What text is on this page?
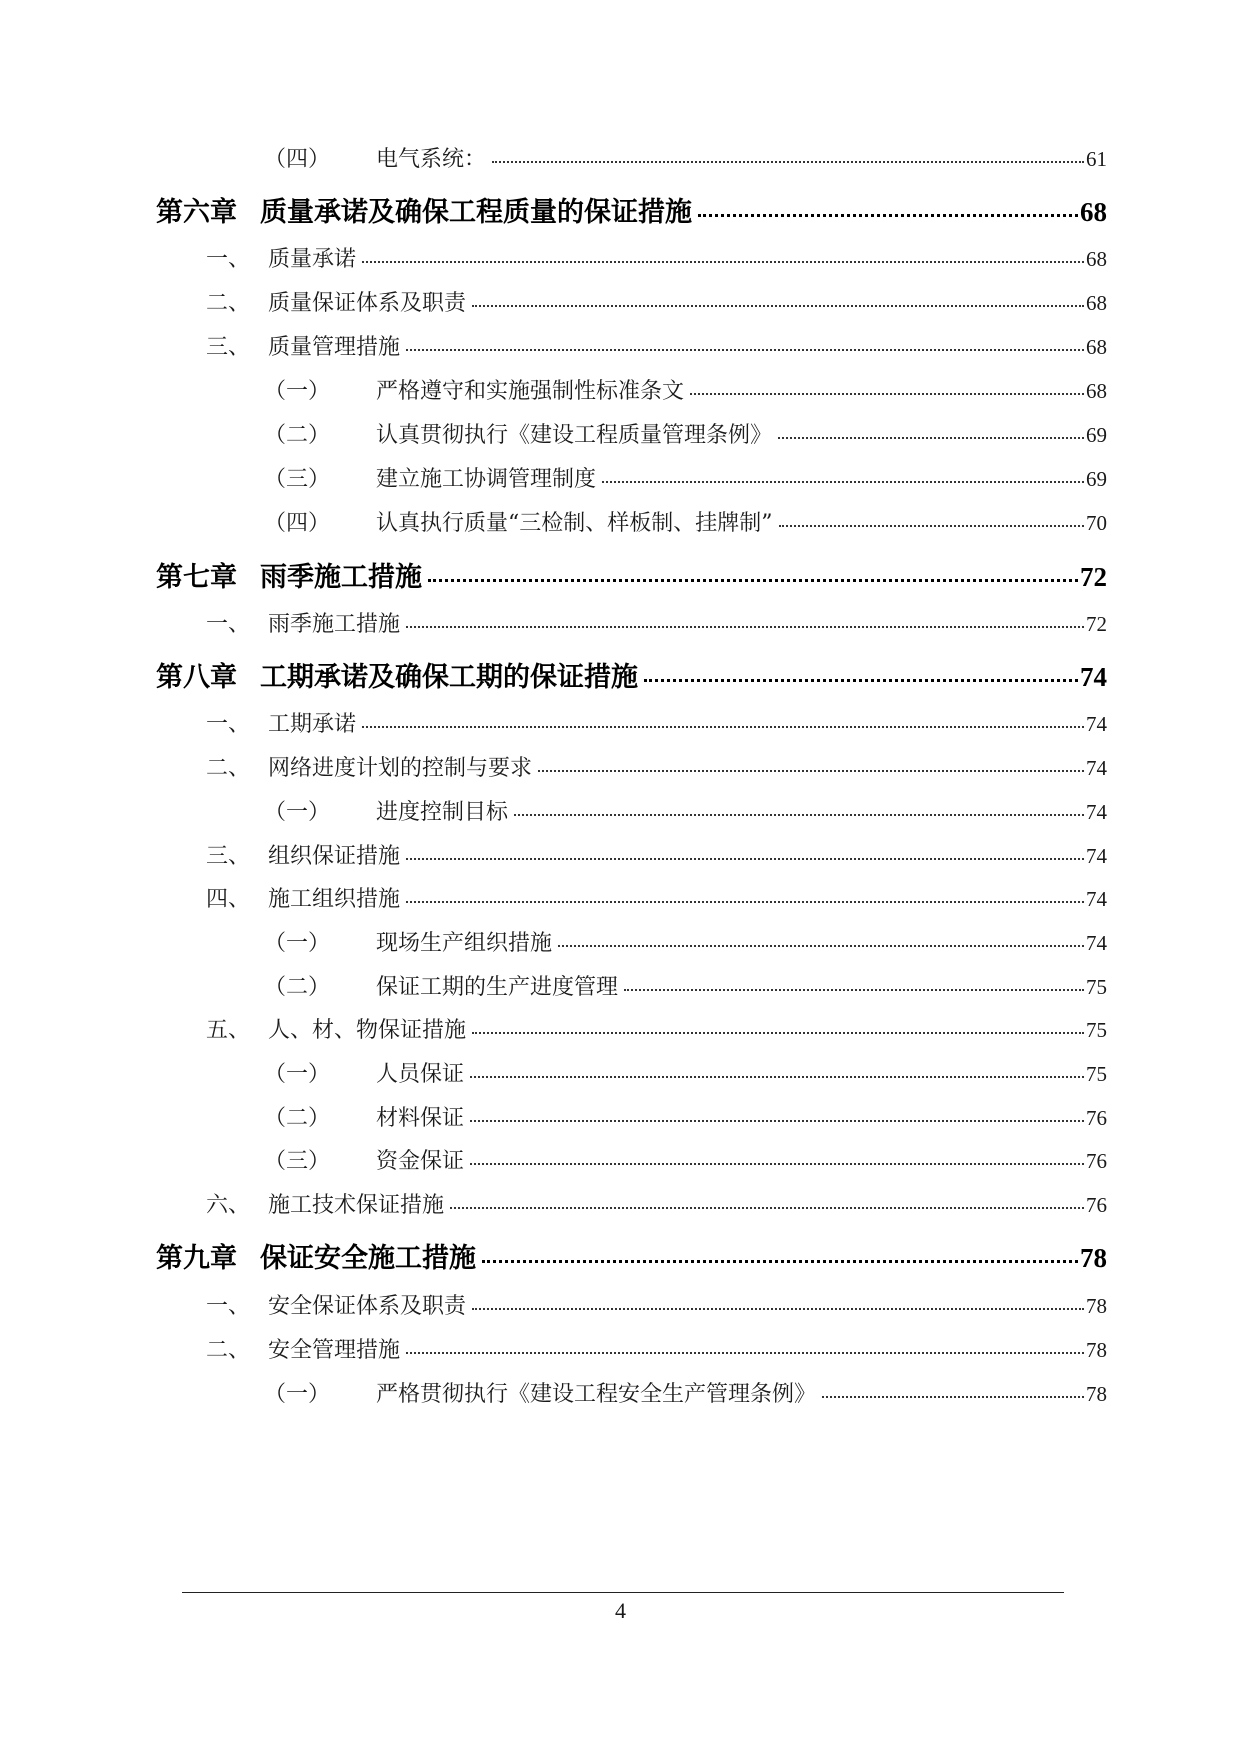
（四）	电气系统：	61
第六章 质量承诺及确保工程质量的保证措施	68
一、 质量承诺	68
二、 质量保证体系及职责	68
三、 质量管理措施	68
（一）	严格遵守和实施强制性标准条文	68
（二）	认真贯彻执行《建设工程质量管理条例》	69
（三）	建立施工协调管理制度	69
（四）	认真执行质量“三检制、样板制、挂牌制”	70
第七章 雨季施工措施	72
一、 雨季施工措施	72
第八章 工期承诺及确保工期的保证措施	74
一、 工期承诺	74
二、 网络进度计划的控制与要求	74
（一）	进度控制目标	74
三、 组织保证措施	74
四、 施工组织措施	74
（一）	现场生产组织措施	74
（二）	保证工期的生产进度管理	75
五、 人、材、物保证措施	75
（一）	人员保证	75
（二）	材料保证	76
（三）	资金保证	76
六、 施工技术保证措施	76
第九章 保证安全施工措施	78
一、 安全保证体系及职责	78
二、 安全管理措施	78
（一）	严格贯彻执行《建设工程安全生产管理条例》	78
4
